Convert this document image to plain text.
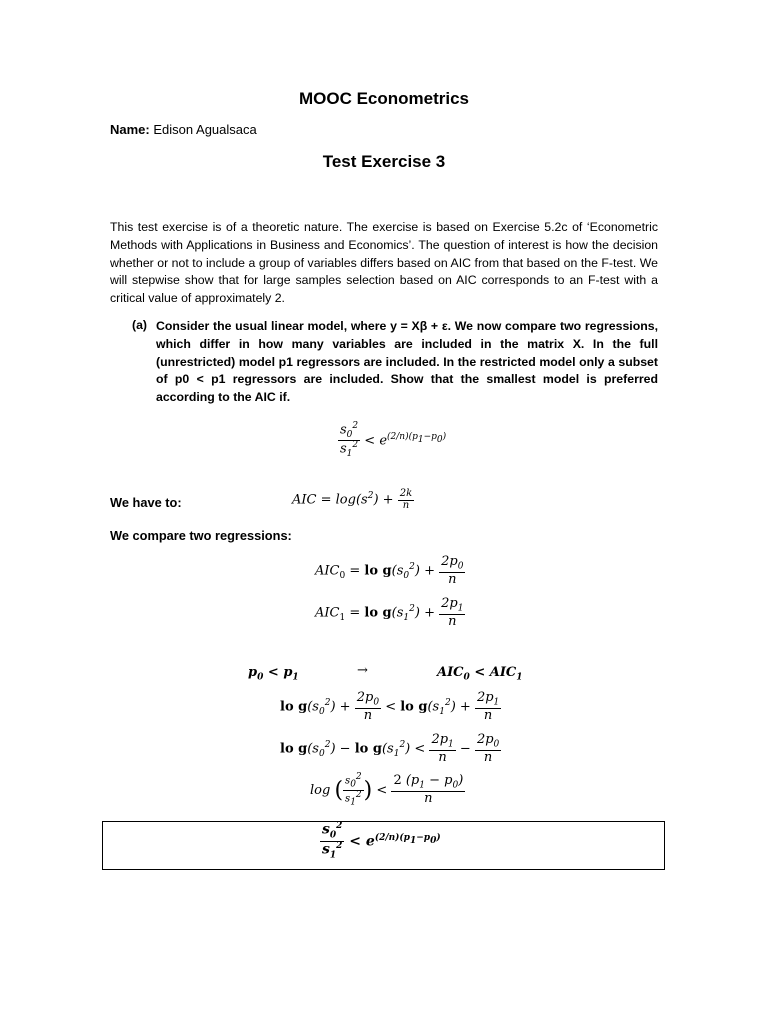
MOOC Econometrics
Name: Edison Agualsaca
Test Exercise 3
This test exercise is of a theoretic nature. The exercise is based on Exercise 5.2c of ‘Econometric Methods with Applications in Business and Economics’. The question of interest is how the decision whether or not to include a group of variables differs based on AIC from that based on the F-test. We will stepwise show that for large samples selection based on AIC corresponds to an F-test with a critical value of approximately 2.
(a) Consider the usual linear model, where y = Xβ + ε. We now compare two regressions, which differ in how many variables are included in the matrix X. In the full (unrestricted) model p1 regressors are included. In the restricted model only a subset of p0 < p1 regressors are included. Show that the smallest model is preferred according to the AIC if.
$\frac{s_0^2}{s_1^2} < e^{(2/n)(p_1-p_0)}$
We have to:	AIC = $\log(s^2) + \frac{2k}{n}$
We compare two regressions:
$AIC_0$ = lo $g(s_0^2) + \frac{2p_0}{n}$
$AIC_1$ = lo $g(s_1^2) + \frac{2p_1}{n}$
$p_0 < p_1$	→	$AIC_0 < AIC_1$
lo $g(s_0^2) + \frac{2p_0}{n}$ < lo $g(s_1^2) + \frac{2p_1}{n}$
lo $g(s_0^2)$ − lo $g(s_1^2) < \frac{2p_1}{n} - \frac{2p_0}{n}$
log ( $\frac{s_0^2}{s_1^2}$ ) < $\frac{2 (p_1 - p_0)}{n}$
$\frac{s_0^2}{s_1^2} < e^{(2/n)(p_1-p_0)}$
